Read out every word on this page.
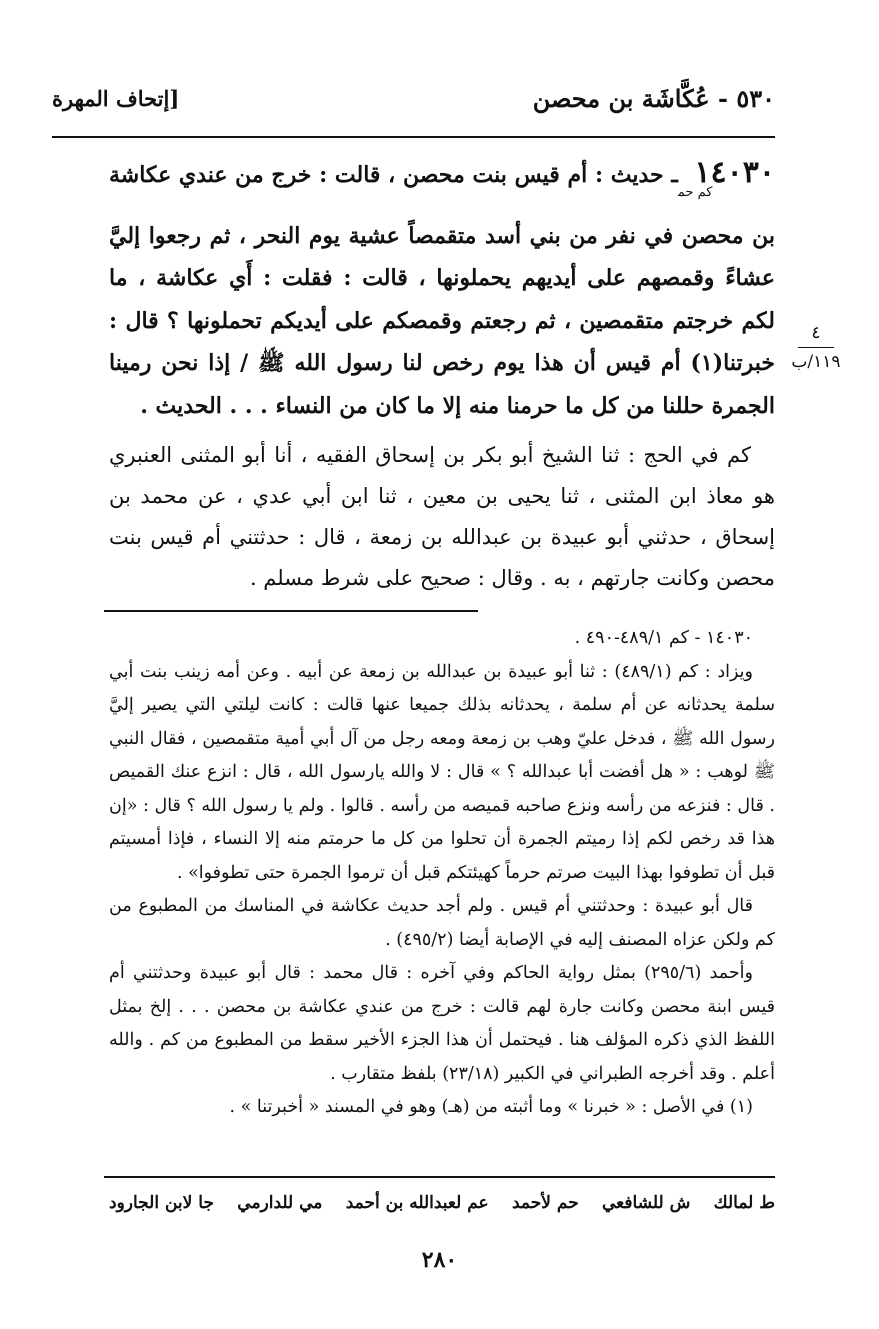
٥٣٠ - عُكَّاشَة بن محصن
[إتحاف المهرة
$١٤٠٣٠_{كم حم}ـ$ حديث : أم قيس بنت محصن ، قالت : خرج من عندي عكاشة بن محصن في نفر من بني أسد متقمصاً عشية يوم النحر ، ثم رجعوا إليَّ عشاءً وقمصهم على أيديهم يحملونها ، قالت : فقلت : أَي عكاشة ، ما لكم خرجتم متقمصين ، ثم رجعتم وقمصكم على أيديكم تحملونها ؟ قال : خبرتنا(١) أم قيس أن هذا يوم رخص لنا رسول الله ﷺ / إذا نحن رمينا الجمرة حللنا من كل ما حرمنا منه إلا ما كان من النساء . . . الحديث .
كم في الحج : ثنا الشيخ أبو بكر بن إسحاق الفقيه ، أنا أبو المثنى العنبري هو معاذ ابن المثنى ، ثنا يحيى بن معين ، ثنا ابن أبي عدي ، عن محمد بن إسحاق ، حدثني أبو عبيدة بن عبدالله بن زمعة ، قال : حدثتني أم قيس بنت محصن وكانت جارتهم ، به . وقال : صحيح على شرط مسلم .
٤
١١٩/ب

١٤٠٣٠ - كم ٤٨٩/١-٤٩٠ .

ويزاد : كم (٤٨٩/١) : ثنا أبو عبيدة بن عبدالله بن زمعة عن أبيه . وعن أمه زينب بنت أبي سلمة يحدثانه عن أم سلمة ، يحدثانه بذلك جميعا عنها قالت : كانت ليلتي التي يصير إليَّ رسول الله ﷺ ، فدخل عليّ وهب بن زمعة ومعه رجل من آل أبي أمية متقمصين ، فقال النبي ﷺ لوهب : « هل أفضت أبا عبدالله ؟ » قال : لا والله يارسول الله ، قال : انزع عنك القميص . قال : فنزعه من رأسه ونزع صاحبه قميصه من رأسه . قالوا . ولم يا رسول الله ؟ قال : «إن هذا قد رخص لكم إذا رميتم الجمرة أن تحلوا من كل ما حرمتم منه إلا النساء ، فإذا أمسيتم قبل أن تطوفوا بهذا البيت صرتم حرماً كهيئتكم قبل أن ترموا الجمرة حتى تطوفوا» .

قال أبو عبيدة : وحدثتني أم قيس . ولم أجد حديث عكاشة في المناسك من المطبوع من كم ولكن عزاه المصنف إليه في الإصابة أيضا (٤٩٥/٢) .

وأحمد (٢٩٥/٦) بمثل رواية الحاكم وفي آخره : قال محمد : قال أبو عبيدة وحدثتني أم قيس ابنة محصن وكانت جارة لهم قالت : خرج من عندي عكاشة بن محصن . . . إلخ بمثل اللفظ الذي ذكره المؤلف هنا . فيحتمل أن هذا الجزء الأخير سقط من المطبوع من كم . والله أعلم . وقد أخرجه الطبراني في الكبير (٢٣/١٨) بلفظ متقارب .

(١) في الأصل : « خبرنا » وما أثبته من (هـ) وهو في المسند « أخبرتنا » .

ط لمالك
ش للشافعي
حم لأحمد
عم لعبدالله بن أحمد
مي للدارمي
جا لابن الجارود
٢٨٠
